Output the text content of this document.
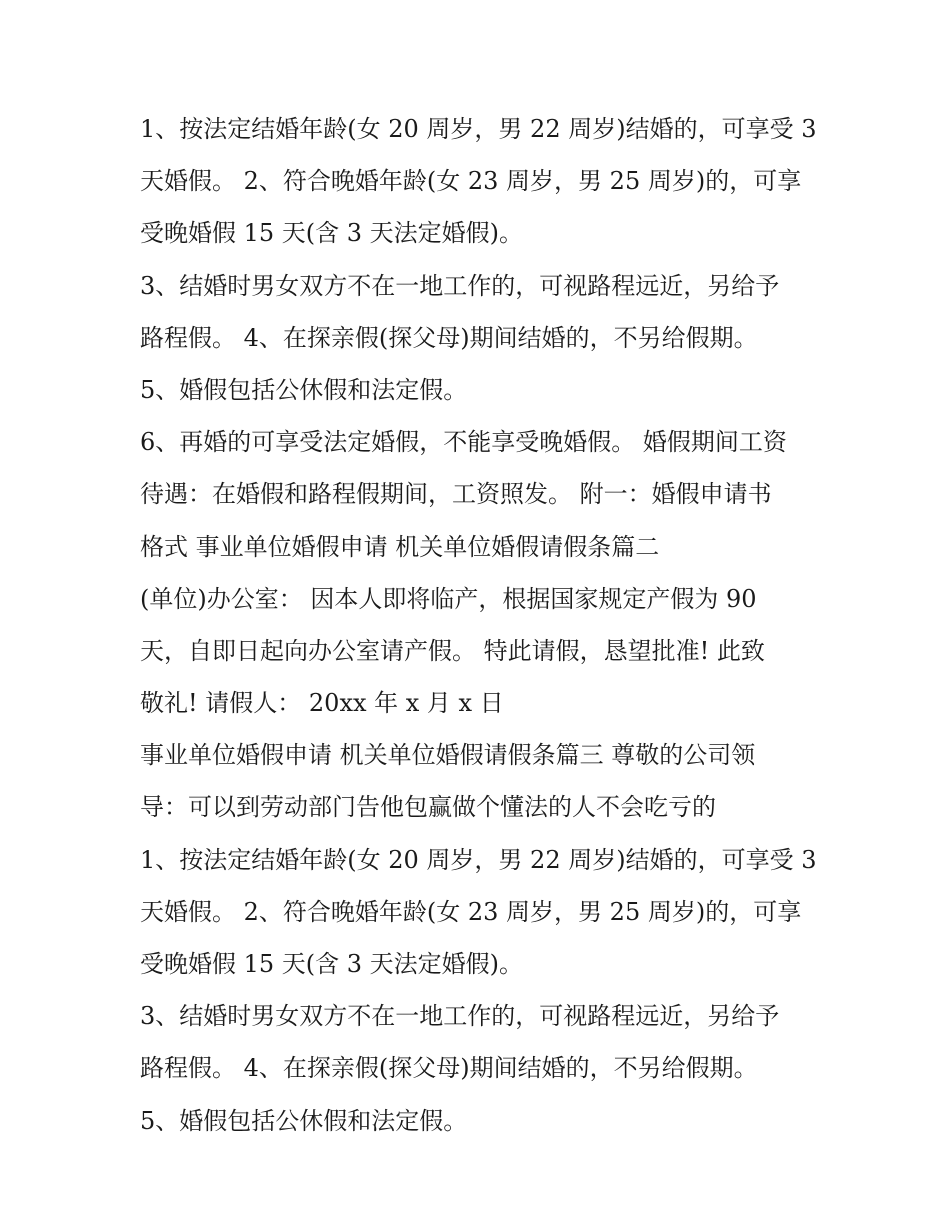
1、按法定结婚年龄(女 20 周岁，男 22 周岁)结婚的，可享受 3
天婚假。 2、符合晚婚年龄(女 23 周岁，男 25 周岁)的，可享
受晚婚假 15 天(含 3 天法定婚假)。
3、结婚时男女双方不在一地工作的，可视路程远近，另给予
路程假。 4、在探亲假(探父母)期间结婚的，不另给假期。
5、婚假包括公休假和法定假。
6、再婚的可享受法定婚假，不能享受晚婚假。 婚假期间工资
待遇：在婚假和路程假期间，工资照发。 附一：婚假申请书
格式 事业单位婚假申请 机关单位婚假请假条篇二
(单位)办公室： 因本人即将临产，根据国家规定产假为 90
天，自即日起向办公室请产假。 特此请假，恳望批准! 此致
敬礼! 请假人： 20xx 年 x 月 x 日
事业单位婚假申请 机关单位婚假请假条篇三 尊敬的公司领
导：可以到劳动部门告他包赢做个懂法的人不会吃亏的
1、按法定结婚年龄(女 20 周岁，男 22 周岁)结婚的，可享受 3
天婚假。 2、符合晚婚年龄(女 23 周岁，男 25 周岁)的，可享
受晚婚假 15 天(含 3 天法定婚假)。
3、结婚时男女双方不在一地工作的，可视路程远近，另给予
路程假。 4、在探亲假(探父母)期间结婚的，不另给假期。
5、婚假包括公休假和法定假。
